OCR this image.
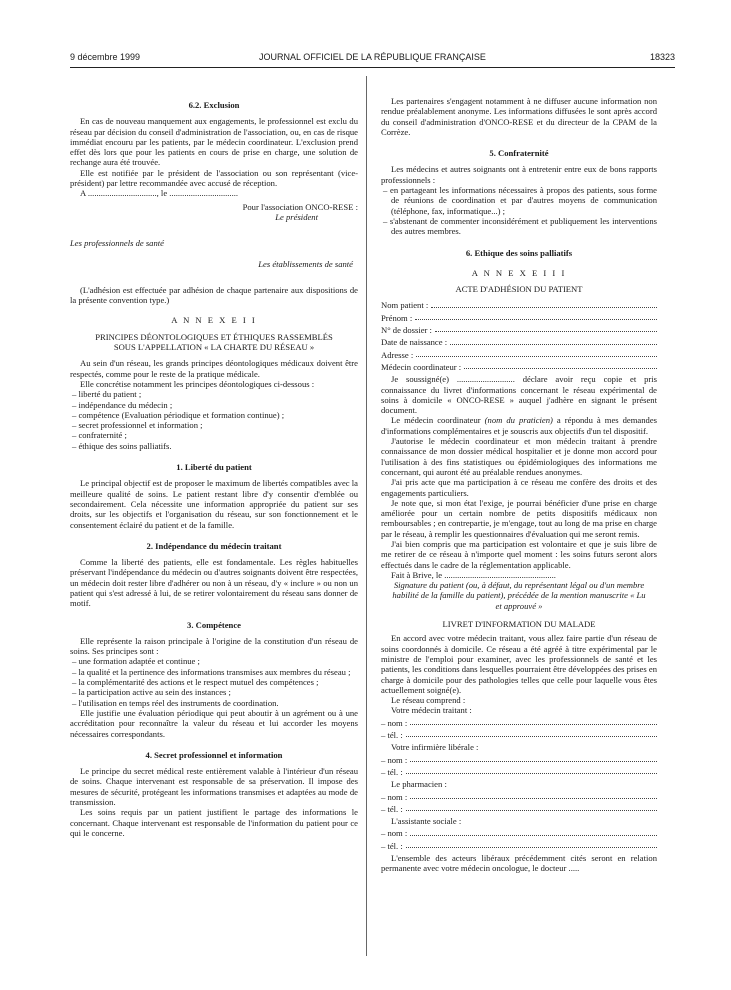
9 décembre 1999	JOURNAL OFFICIEL DE LA RÉPUBLIQUE FRANÇAISE	18323
6.2. Exclusion

En cas de nouveau manquement aux engagements, le professionnel est exclu du réseau par décision du conseil d'administration de l'association, ou, en cas de risque immédiat encouru par les patients, par le médecin coordinateur. L'exclusion prend effet dès lors que pour les patients en cours de prise en charge, une solution de rechange aura été trouvée.

Elle est notifiée par le président de l'association ou son représentant (vice-président) par lettre recommandée avec accusé de réception.

A ................................, le ................................

Pour l'association ONCO-RESE :

Le président

Les professionnels de santé

Les établissements de santé

(L'adhésion est effectuée par adhésion de chaque partenaire aux dispositions de la présente convention type.)

A N N E X E I I
PRINCIPES DÉONTOLOGIQUES ET ÉTHIQUES RASSEMBLÉS
SOUS L'APPELLATION « LA CHARTE DU RÉSEAU »

Au sein d'un réseau, les grands principes déontologiques médicaux doivent être respectés, comme pour le reste de la pratique médicale.

Elle concrétise notamment les principes déontologiques ci-dessous :

– liberté du patient ;

– indépendance du médecin ;

– compétence (Evaluation périodique et formation continue) ;

– secret professionnel et information ;

– confraternité ;

– éthique des soins palliatifs.

1. Liberté du patient

Le principal objectif est de proposer le maximum de libertés compatibles avec la meilleure qualité de soins. Le patient restant libre d'y consentir d'emblée ou secondairement. Cela nécessite une information appropriée du patient sur ses droits, sur les objectifs et l'organisation du réseau, sur son fonctionnement et le consentement éclairé du patient et de la famille.

2. Indépendance du médecin traitant

Comme la liberté des patients, elle est fondamentale. Les règles habituelles préservant l'indépendance du médecin ou d'autres soignants doivent être respectées, un médecin doit rester libre d'adhérer ou non à un réseau, d'y « inclure » ou non un patient qui s'est adressé à lui, de se retirer volontairement du réseau sans donner de motif.

3. Compétence

Elle représente la raison principale à l'origine de la constitution d'un réseau de soins. Ses principes sont :

– une formation adaptée et continue ;

– la qualité et la pertinence des informations transmises aux membres du réseau ;

– la complémentarité des actions et le respect mutuel des compétences ;

– la participation active au sein des instances ;

– l'utilisation en temps réel des instruments de coordination.

Elle justifie une évaluation périodique qui peut aboutir à un agrément ou à une accréditation pour reconnaître la valeur du réseau et lui accorder les moyens nécessaires correspondants.

4. Secret professionnel et information

Le principe du secret médical reste entièrement valable à l'intérieur d'un réseau de soins. Chaque intervenant est responsable de sa préservation. Il impose des mesures de sécurité, protégeant les informations transmises et adaptées au mode de transmission.

Les soins requis par un patient justifient le partage des informations le concernant. Chaque intervenant est responsable de l'information du patient pour ce qui le concerne.

Les partenaires s'engagent notamment à ne diffuser aucune information non rendue préalablement anonyme. Les informations diffusées le sont après accord du conseil d'administration d'ONCO-RESE et du directeur de la CPAM de la Corrèze.

5. Confraternité

Les médecins et autres soignants ont à entretenir entre eux de bons rapports professionnels :

– en partageant les informations nécessaires à propos des patients, sous forme de réunions de coordination et par d'autres moyens de communication (téléphone, fax, informatique...) ;

– s'abstenant de commenter inconsidérément et publiquement les interventions des autres membres.

6. Ethique des soins palliatifs
A N N E X E I I I
ACTE D'ADHÉSION DU PATIENT
Nom patient :
Prénom :
N° de dossier :
Date de naissance :
Adresse :
Médecin coordinateur :

Je soussigné(e) ........................... déclare avoir reçu copie et pris connaissance du livret d'informations concernant le réseau expérimental de soins à domicile « ONCO-RESE » auquel j'adhère en signant le présent document.

Le médecin coordinateur (nom du praticien) a répondu à mes demandes d'informations complémentaires et je souscris aux objectifs d'un tel dispositif.

J'autorise le médecin coordinateur et mon médecin traitant à prendre connaissance de mon dossier médical hospitalier et je donne mon accord pour l'utilisation à des fins statistiques ou épidémiologiques des informations me concernant, qui auront été au préalable rendues anonymes.

J'ai pris acte que ma participation à ce réseau me confère des droits et des engagements particuliers.

Je note que, si mon état l'exige, je pourrai bénéficier d'une prise en charge améliorée pour un certain nombre de petits dispositifs médicaux non remboursables ; en contrepartie, je m'engage, tout au long de ma prise en charge par le réseau, à remplir les questionnaires d'évaluation qui me seront remis.

J'ai bien compris que ma participation est volontaire et que je suis libre de me retirer de ce réseau à n'importe quel moment : les soins futurs seront alors effectués dans le cadre de la réglementation applicable.

Fait à Brive, le ....................................................

Signature du patient (ou, à défaut, du représentant légal ou d'un membre habilité de la famille du patient), précédée de la mention manuscrite « Lu et approuvé »

LIVRET D'INFORMATION DU MALADE

En accord avec votre médecin traitant, vous allez faire partie d'un réseau de soins coordonnés à domicile. Ce réseau a été agréé à titre expérimental par le ministre de l'emploi pour examiner, avec les professionnels de santé et les patients, les conditions dans lesquelles pourraient être développées des prises en charge à domicile pour des pathologies telles que celle pour laquelle vous êtes actuellement soigné(e).

Le réseau comprend :

Votre médecin traitant :

– nom :
– tél. :

Votre infirmière libérale :

– nom :
– tél. :

Le pharmacien :

– nom :
– tél. :

L'assistante sociale :

– nom :
– tél. :

L'ensemble des acteurs libéraux précédemment cités seront en relation permanente avec votre médecin oncologue, le docteur .....
